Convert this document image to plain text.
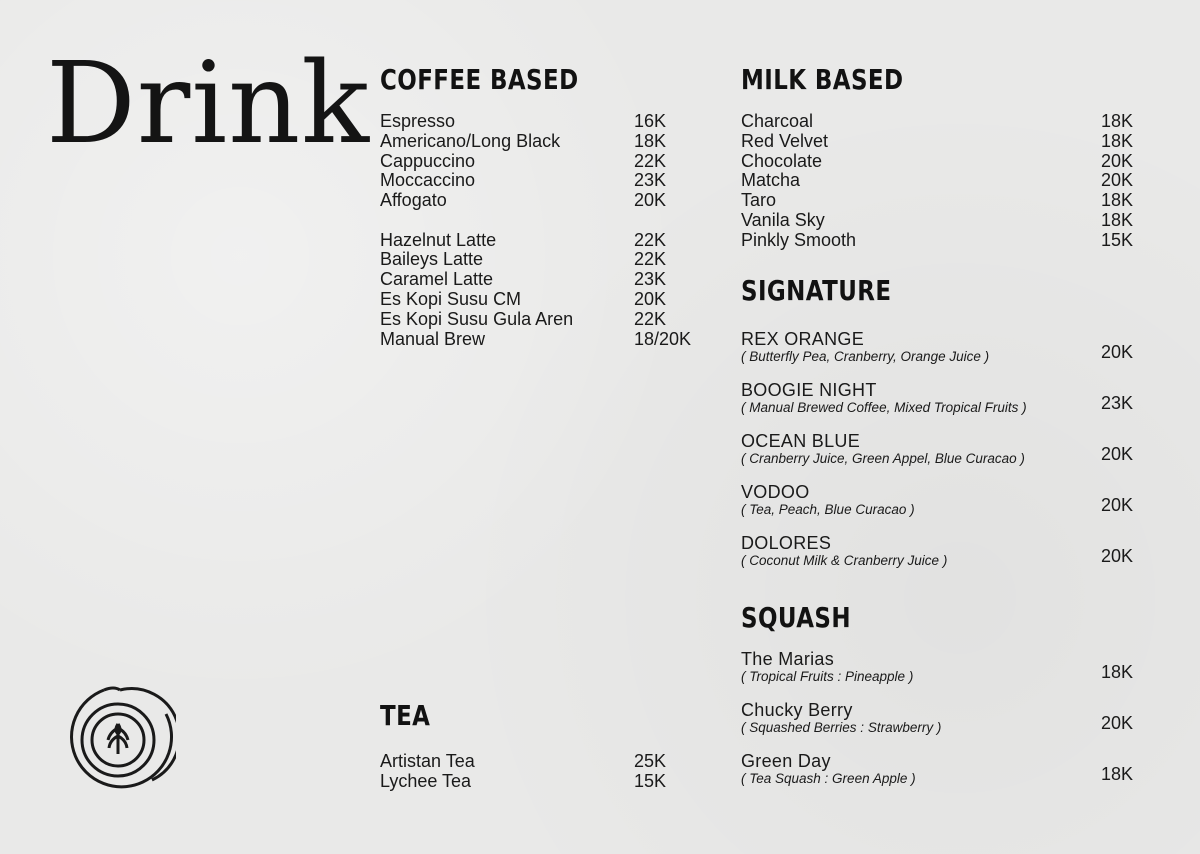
Drink COFFEE BASED
Espresso	16K
Americano/Long Black	18K
Cappuccino	22K
Moccaccino	23K
Affogato	20K
Hazelnut Latte	22K
Baileys Latte	22K
Caramel Latte	23K
Es Kopi Susu CM	20K
Es Kopi Susu Gula Aren	22K
Manual Brew	18/20K
TEA
Artistan Tea	25K
Lychee Tea	15K
MILK BASED
Charcoal	18K
Red Velvet	18K
Chocolate	20K
Matcha	20K
Taro	18K
Vanila Sky	18K
Pinkly Smooth	15K
SIGNATURE
REX ORANGE
( Butterfly Pea, Cranberry, Orange Juice )	20K
BOOGIE NIGHT
( Manual Brewed Coffee, Mixed Tropical Fruits )	23K
OCEAN BLUE
( Cranberry Juice, Green Appel, Blue Curacao )	20K
VODOO
( Tea, Peach, Blue Curacao )	20K
DOLORES
( Coconut Milk & Cranberry Juice )	20K
SQUASH
The Marias
( Tropical Fruits : Pineapple )	18K
Chucky Berry
( Squashed Berries : Strawberry )	20K
Green Day
( Tea Squash : Green Apple )	18K
